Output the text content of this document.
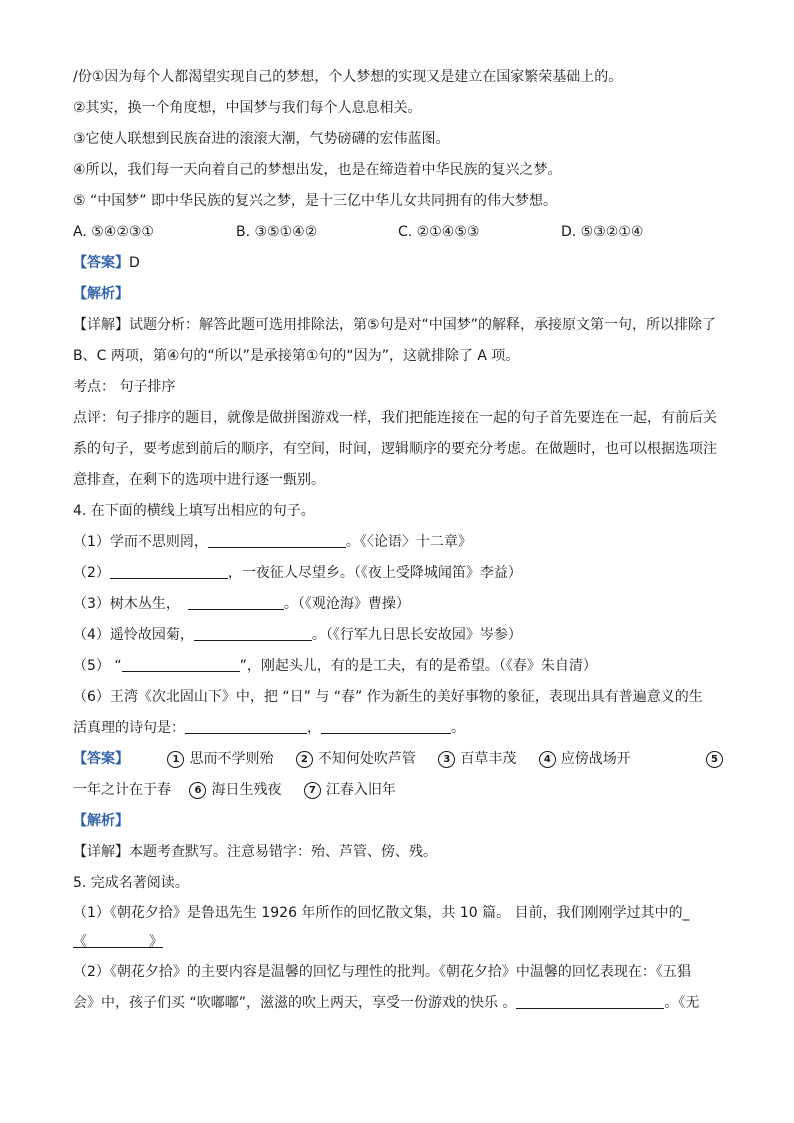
/份①因为每个人都渴望实现自己的梦想，个人梦想的实现又是建立在国家繁荣基础上的。
②其实，换一个角度想，中国梦与我们每个人息息相关。
③它使人联想到民族奋进的滚滚大潮，气势磅礴的宏伟蓝图。
④所以，我们每一天向着自己的梦想出发，也是在缔造着中华民族的复兴之梦。
⑤ “中国梦” 即中华民族的复兴之梦，是十三亿中华儿女共同拥有的伟大梦想。
A. ⑤④②③①	B. ③⑤①④②	C. ②①④⑤③	D. ⑤③②①④
【答案】D
【解析】
【详解】试题分析：解答此题可选用排除法，第⑤句是对“中国梦”的解释，承接原文第一句，所以排除了
B、C 两项，第④句的“所以”是承接第①句的“因为”，这就排除了 A 项。
考点： 句子排序
点评：句子排序的题目，就像是做拼图游戏一样，我们把能连接在一起的句子首先要连在一起，有前后关
系的句子，要考虑到前后的顺序，有空间，时间，逻辑顺序的要充分考虑。在做题时，也可以根据选项注
意排查，在剩下的选项中进行逐一甄别。
4. 在下面的横线上填写出相应的句子。
（1）学而不思则罔，	。《〈论语〉十二章》
（2）	，一夜征人尽望乡。（《夜上受降城闻笛》李益）
（3）树木丛生，	。（《观沧海》曹操）
（4）遥怜故园菊，	。（《行军九日思长安故园》岑参）
（5） “	”，刚起头儿，有的是工夫，有的是希望。（《春》朱自清）
（6）王湾《次北固山下》中，把 “日” 与 “春” 作为新生的美好事物的象征，表现出具有普遍意义的生
活真理的诗句是：	，	。
【答案】	1 思而不学则殆	2 不知何处吹芦管	3 百草丰茂	4 应傍战场开	5
一年之计在于春 6 海日生残夜	7 江春入旧年
【解析】
【详解】本题考查默写。注意易错字：殆、芦管、傍、残。
5. 完成名著阅读。
（1）《朝花夕拾》是鲁迅先生 1926 年所作的回忆散文集，共 10 篇。 目前，我们刚刚学过其中的_
《	》
（2）《朝花夕拾》的主要内容是温馨的回忆与理性的批判。《朝花夕拾》中温馨的回忆表现在：《五猖
会》中，孩子们买 “吹嘟嘟”，滋滋的吹上两天，享受一份游戏的快乐 。	。《无
